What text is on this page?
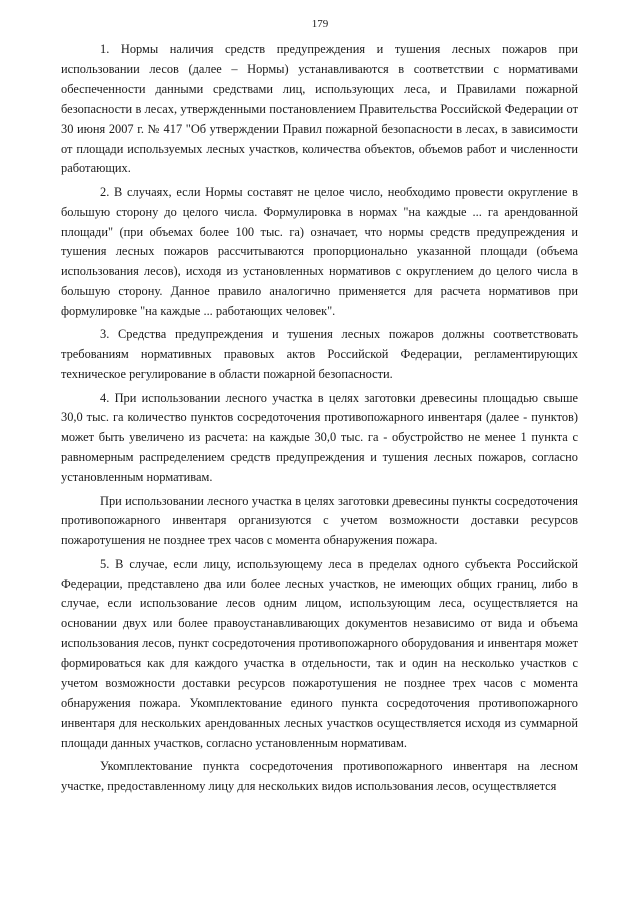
179

1. Нормы наличия средств предупреждения и тушения лесных пожаров при использовании лесов (далее – Нормы) устанавливаются в соответствии с нормативами обеспеченности данными средствами лиц, использующих леса, и Правилами пожарной безопасности в лесах, утвержденными постановлением Правительства Российской Федерации от 30 июня 2007 г. № 417 "Об утверждении Правил пожарной безопасности в лесах, в зависимости от площади используемых лесных участков, количества объектов, объемов работ и численности работающих.

2. В случаях, если Нормы составят не целое число, необходимо провести округление в большую сторону до целого числа. Формулировка в нормах "на каждые ... га арендованной площади" (при объемах более 100 тыс. га) означает, что нормы средств предупреждения и тушения лесных пожаров рассчитываются пропорционально указанной площади (объема использования лесов), исходя из установленных нормативов с округлением до целого числа в большую сторону. Данное правило аналогично применяется для расчета нормативов при формулировке "на каждые ... работающих человек".

3. Средства предупреждения и тушения лесных пожаров должны соответствовать требованиям нормативных правовых актов Российской Федерации, регламентирующих техническое регулирование в области пожарной безопасности.

4. При использовании лесного участка в целях заготовки древесины площадью свыше 30,0 тыс. га количество пунктов сосредоточения противопожарного инвентаря (далее - пунктов) может быть увеличено из расчета: на каждые 30,0 тыс. га - обустройство не менее 1 пункта с равномерным распределением средств предупреждения и тушения лесных пожаров, согласно установленным нормативам.

При использовании лесного участка в целях заготовки древесины пункты сосредоточения противопожарного инвентаря организуются с учетом возможности доставки ресурсов пожаротушения не позднее трех часов с момента обнаружения пожара.

5. В случае, если лицу, использующему леса в пределах одного субъекта Российской Федерации, представлено два или более лесных участков, не имеющих общих границ, либо в случае, если использование лесов одним лицом, использующим леса, осуществляется на основании двух или более правоустанавливающих документов независимо от вида и объема использования лесов, пункт сосредоточения противопожарного оборудования и инвентаря может формироваться как для каждого участка в отдельности, так и один на несколько участков с учетом возможности доставки ресурсов пожаротушения не позднее трех часов с момента обнаружения пожара. Укомплектование единого пункта сосредоточения противопожарного инвентаря для нескольких арендованных лесных участков осуществляется исходя из суммарной площади данных участков, согласно установленным нормативам.

Укомплектование пункта сосредоточения противопожарного инвентаря на лесном участке, предоставленному лицу для нескольких видов использования лесов, осуществляется
